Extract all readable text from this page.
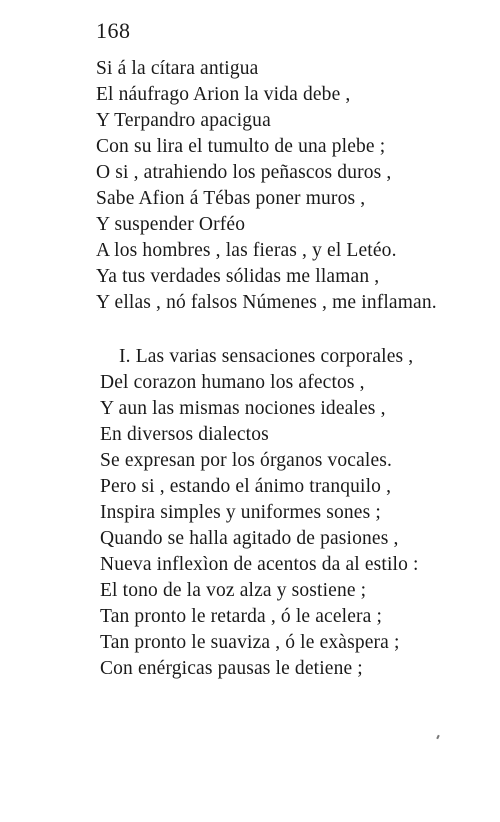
168
Si á la cítara antigua
El náufrago Arion la vida debe ,
Y Terpandro apacigua
Con su lira el tumulto de una plebe ;
O si , atrahiendo los peñascos duros ,
Sabe Afion á Tébas poner muros ,
Y suspender Orféo
A los hombres , las fieras , y el Letéo.
Ya tus verdades sólidas me llaman ,
Y ellas , nó falsos Númenes , me inflaman.
I. Las varias sensaciones corporales ,
Del corazon humano los afectos ,
Y aun las mismas nociones ideales ,
En diversos dialectos
Se expresan por los órganos vocales.
Pero si , estando el ánimo tranquilo ,
Inspira simples y uniformes sones ;
Quando se halla agitado de pasiones ,
Nueva inflexìon de acentos da al estilo :
El tono de la voz alza y sostiene ;
Tan pronto le retarda , ó le acelera ;
Tan pronto le suaviza , ó le exàspera ;
Con enérgicas pausas le detiene ;
